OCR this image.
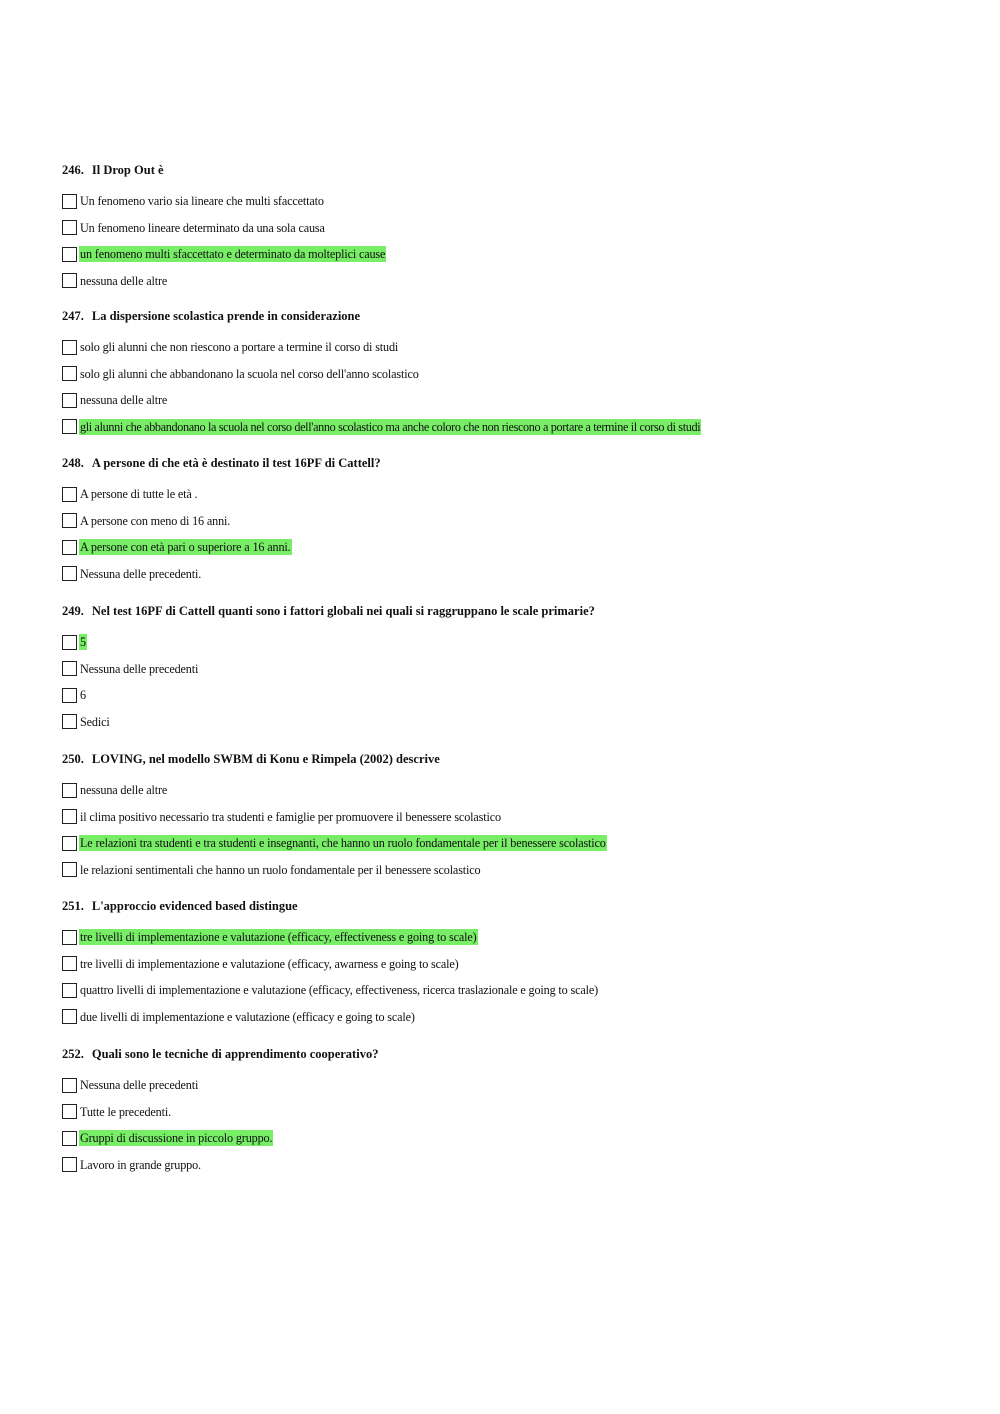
246. Il Drop Out è
Un fenomeno vario sia lineare che multi sfaccettato
Un fenomeno lineare determinato da una sola causa
un fenomeno multi sfaccettato e determinato da molteplici cause
nessuna delle altre
247. La dispersione scolastica prende in considerazione
solo gli alunni che non riescono a portare a termine il corso di studi
solo gli alunni che abbandonano la scuola nel corso dell'anno scolastico
nessuna delle altre
gli alunni che abbandonano la scuola nel corso dell'anno scolastico ma anche coloro che non riescono a portare a termine il corso di studi
248. A persone di che età è destinato il test 16PF di Cattell?
A persone di tutte le età .
A persone con meno di 16 anni.
A persone con età pari o superiore a 16 anni.
Nessuna delle precedenti.
249. Nel test 16PF di Cattell quanti sono i fattori globali nei quali si raggruppano le scale primarie?
5
Nessuna delle precedenti
6
Sedici
250. LOVING, nel modello SWBM di Konu e Rimpela (2002) descrive
nessuna delle altre
il clima positivo necessario tra studenti e famiglie per promuovere il benessere scolastico
Le relazioni tra studenti e tra studenti e insegnanti, che hanno un ruolo fondamentale per il benessere scolastico
le relazioni sentimentali che hanno un ruolo fondamentale per il benessere scolastico
251. L'approccio evidenced based distingue
tre livelli di implementazione e valutazione (efficacy, effectiveness e going to scale)
tre livelli di implementazione e valutazione (efficacy, awarness e going to scale)
quattro livelli di implementazione e valutazione (efficacy, effectiveness, ricerca traslazionale e going to scale)
due livelli di implementazione e valutazione (efficacy e going to scale)
252. Quali sono le tecniche di apprendimento cooperativo?
Nessuna delle precedenti
Tutte le precedenti.
Gruppi di discussione in piccolo gruppo.
Lavoro in grande gruppo.
